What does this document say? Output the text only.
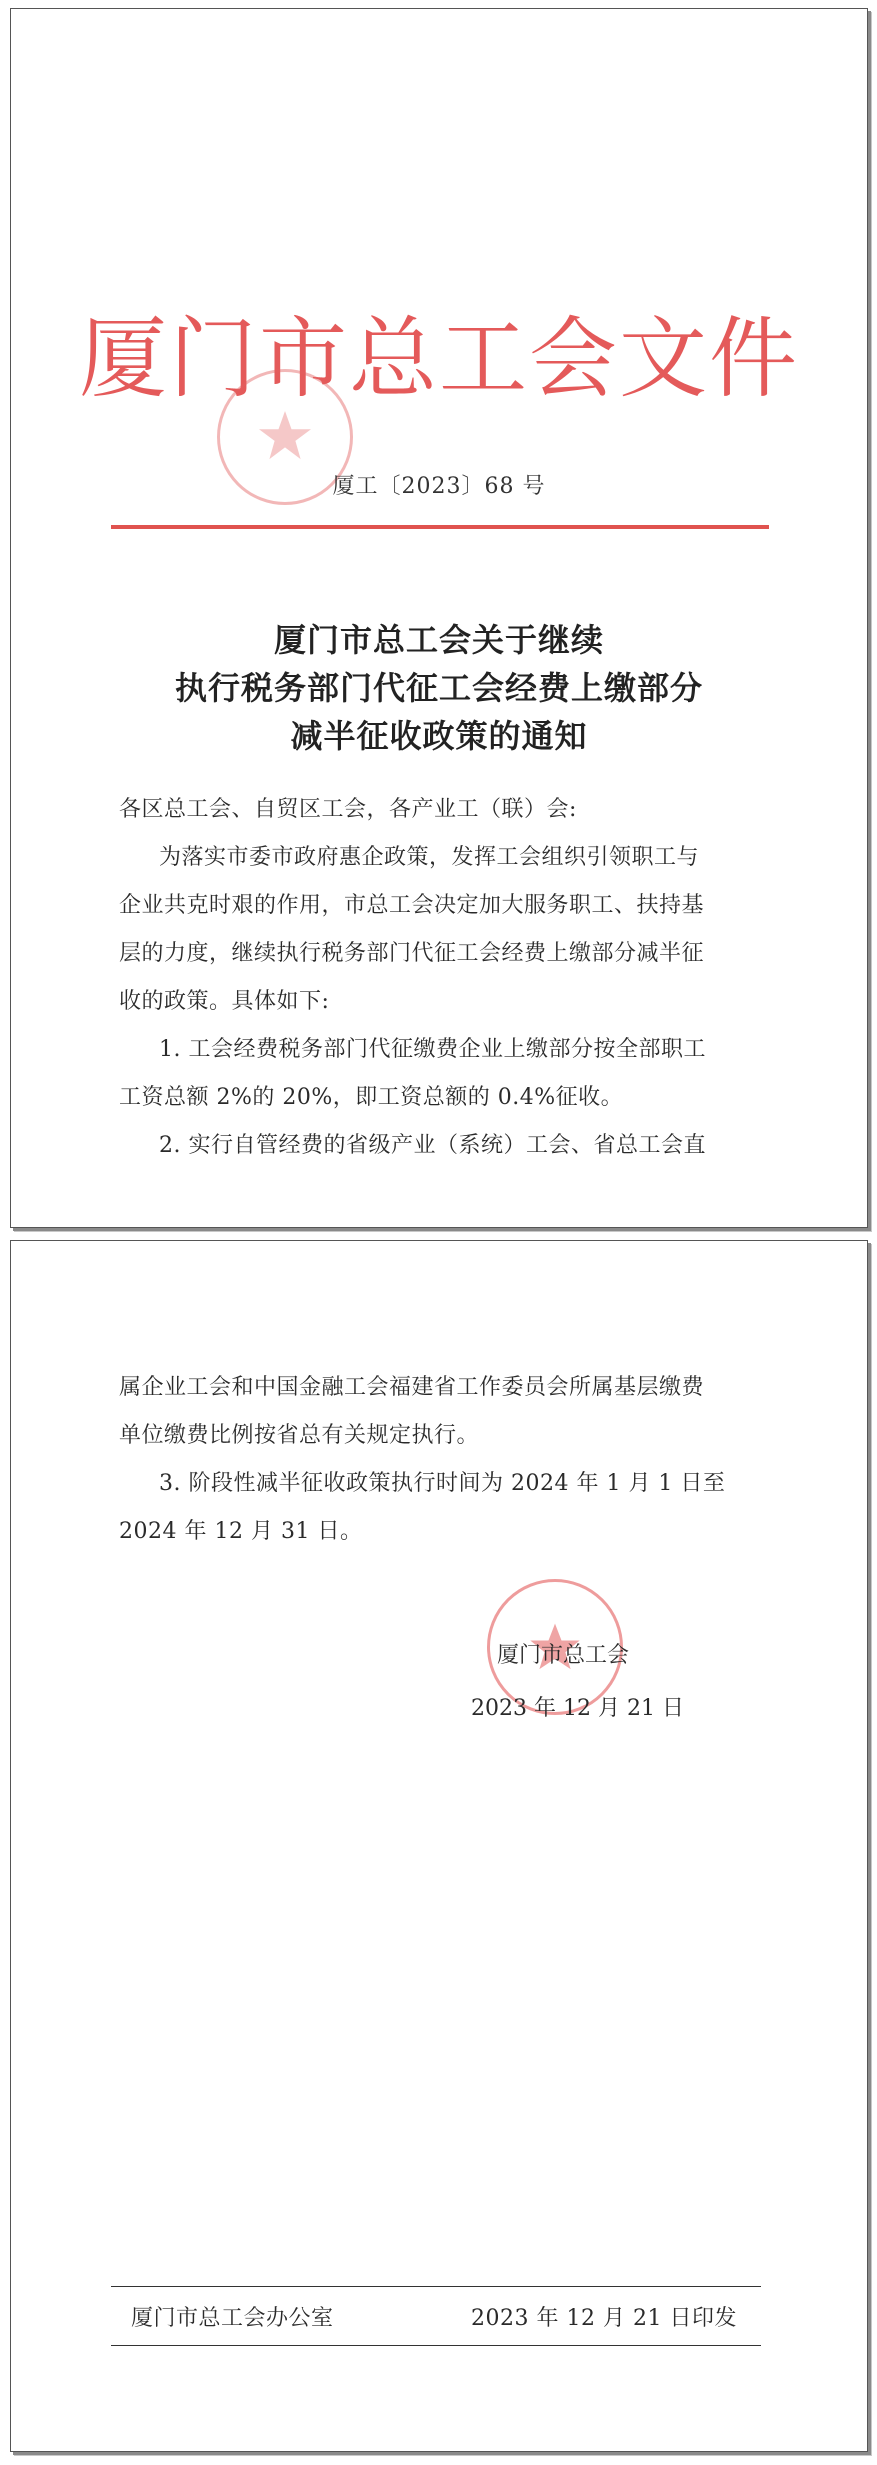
厦门市总工会文件
厦工〔2023〕68 号
厦门市总工会关于继续
执行税务部门代征工会经费上缴部分
减半征收政策的通知
各区总工会、自贸区工会，各产业工（联）会:
为落实市委市政府惠企政策，发挥工会组织引领职工与
企业共克时艰的作用，市总工会决定加大服务职工、扶持基
层的力度，继续执行税务部门代征工会经费上缴部分减半征
收的政策。具体如下:
1. 工会经费税务部门代征缴费企业上缴部分按全部职工
工资总额 2%的 20%，即工资总额的 0.4%征收。
2. 实行自管经费的省级产业（系统）工会、省总工会直
属企业工会和中国金融工会福建省工作委员会所属基层缴费
单位缴费比例按省总有关规定执行。
3. 阶段性减半征收政策执行时间为 2024 年 1 月 1 日至
2024 年 12 月 31 日。
厦门市总工会
2023 年 12 月 21 日
厦门市总工会办公室	2023 年 12 月 21 日印发
